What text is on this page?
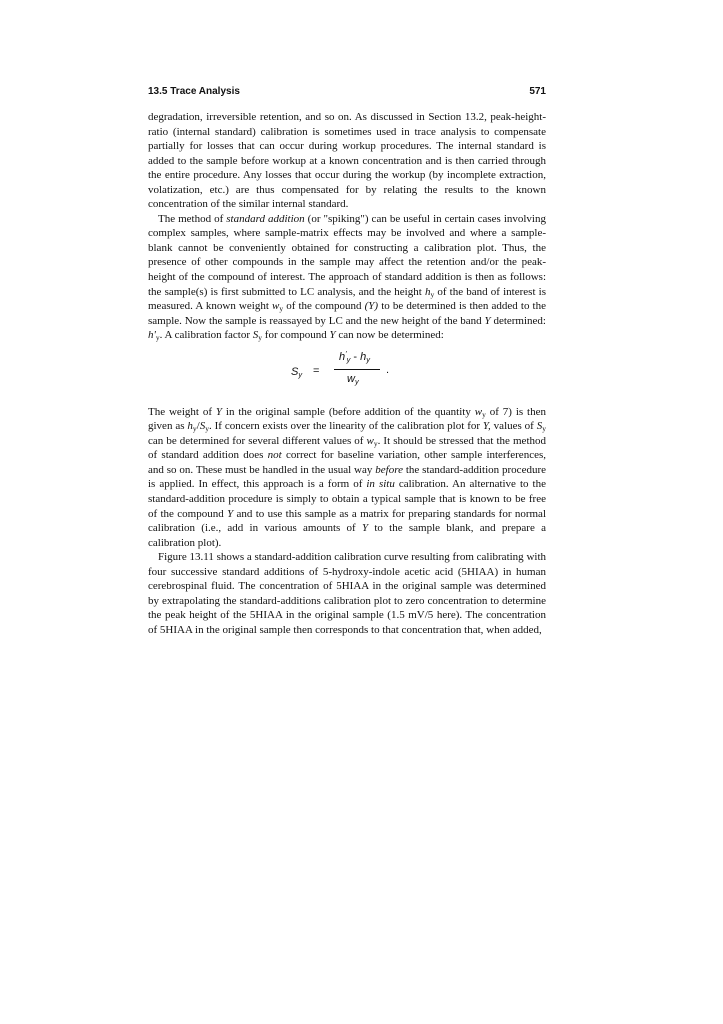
13.5 Trace Analysis	571

degradation, irreversible retention, and so on. As discussed in Section 13.2, peak-height-ratio (internal standard) calibration is sometimes used in trace analysis to compensate partially for losses that can occur during workup procedures. The internal standard is added to the sample before workup at a known concentration and is then carried through the entire procedure. Any losses that occur during the workup (by incomplete extraction, volatization, etc.) are thus compensated for by relating the results to the known concentration of the similar internal standard.

The method of standard addition (or "spiking") can be useful in certain cases involving complex samples, where sample-matrix effects may be involved and where a sample-blank cannot be conveniently obtained for constructing a calibration plot. Thus, the presence of other compounds in the sample may affect the retention and/or the peak-height of the compound of interest. The approach of standard addition is then as follows: the sample(s) is first submitted to LC analysis, and the height $h_y$ of the band of interest is measured. A known weight $w_y$ of the compound (Y) to be determined is then added to the sample. Now the sample is reassayed by LC and the new height of the band Y determined: $h'_y$. A calibration factor $S_y$ for compound Y can now be determined:

$S_y$ =
$h'_y - h_y$
$w_y$
.

The weight of Y in the original sample (before addition of the quantity $w_y$ of 7) is then given as $h_y/S_y$. If concern exists over the linearity of the calibration plot for Y, values of $S_y$ can be determined for several different values of $w_y$. It should be stressed that the method of standard addition does not correct for baseline variation, other sample interferences, and so on. These must be handled in the usual way before the standard-addition procedure is applied. In effect, this approach is a form of in situ calibration. An alternative to the standard-addition procedure is simply to obtain a typical sample that is known to be free of the compound Y and to use this sample as a matrix for preparing standards for normal calibration (i.e., add in various amounts of Y to the sample blank, and prepare a calibration plot).

Figure 13.11 shows a standard-addition calibration curve resulting from calibrating with four successive standard additions of 5-hydroxy-indole acetic acid (5HIAA) in human cerebrospinal fluid. The concentration of 5HIAA in the original sample was determined by extrapolating the standard-additions calibration plot to zero concentration to determine the peak height of the 5HIAA in the original sample (1.5 mV/5 here). The concentration of 5HIAA in the original sample then corresponds to that concentration that, when added,
